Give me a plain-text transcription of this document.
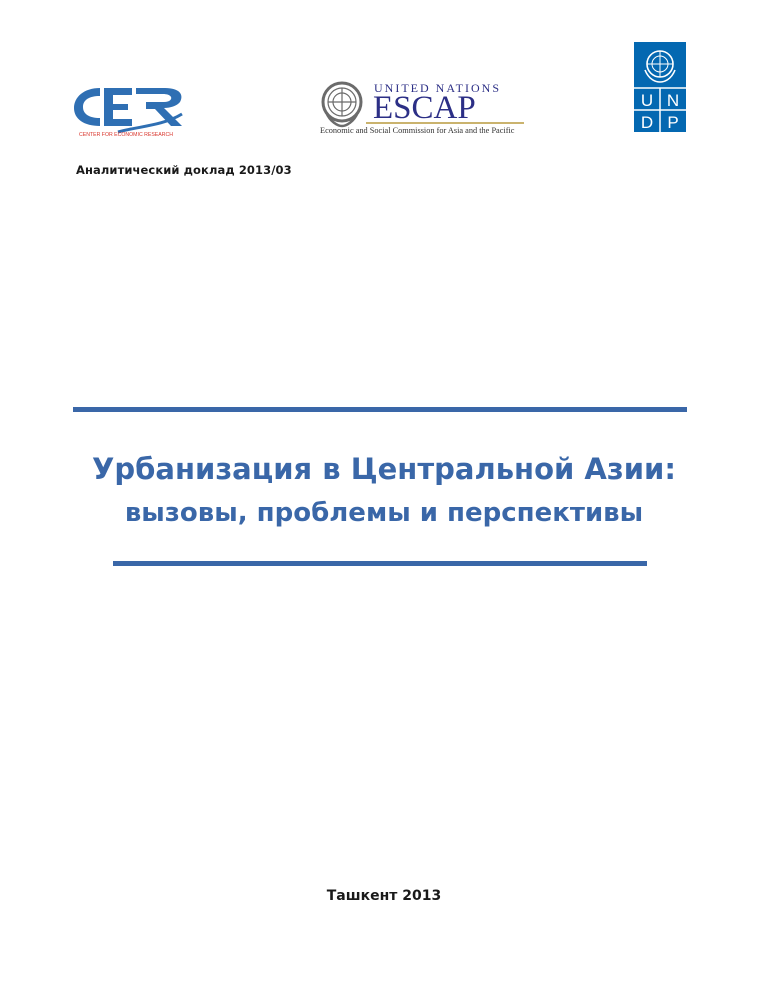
CENTER FOR ECONOMIC RESEARCH
UNITED NATIONS
ESCAP
Economic and Social Commission for Asia and the Pacific
U N
D P
Аналитический доклад 2013/03
Урбанизация в Центральной Азии:
вызовы, проблемы и перспективы
Ташкент 2013
